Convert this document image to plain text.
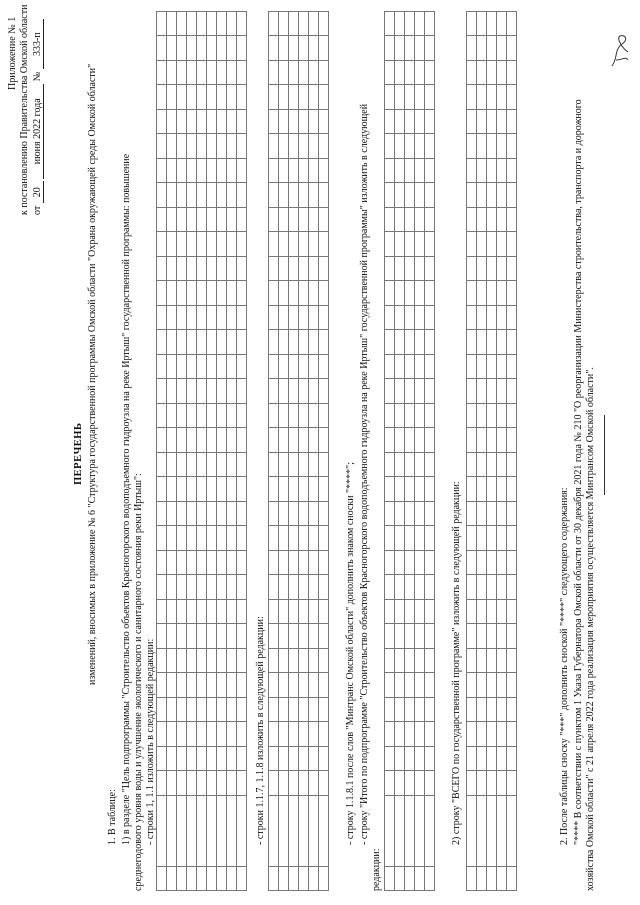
Приложение № 1 к постановлению Правительства Омской области от 20 июня 2022 года № 333-п
ПЕРЕЧЕНЬ изменений, вносимых в приложение № 6 "Структура государственной программы Омской области "Охрана окружающей среды Омской области"
1. В таблице: 1) в разделе "Цель подпрограммы "Строительство объектов Красногорского водоподъемного гидроузла на реке Иртыш" государственной программы: повышение среднегодового уровня воды и улучшение экологического и санитарного состояния реки Иртыш": - строки 1, 1.1 изложить в следующей редакции:

																																		- строки 1.1.7, 1.1.8 изложить в следующей редакции:

																																		- строку 1.1.8.1 после слов "Минтранс Омской области" дополнить знаком сноски "****"; - строку "Итого по подпрограмме "Строительство объектов Красногорского водоподъемного гидроузла на реке Иртыш" государственной программы" изложить в следующей
редакции:

2) строку "ВСЕГО по государственной программе" изложить в следующей редакции:

																																		2. После таблицы сноску "***" дополнить сноской "****" следующего содержания: "**** В соответствии с пунктом 1 Указа Губернатора Омской области от 30 декабря 2021 года № 210 "О реорганизации Министерства строительства, транспорта и дорожного хозяйства Омской области" с 21 апреля 2022 года реализация мероприятия осуществляется Минтрансом Омской области".
